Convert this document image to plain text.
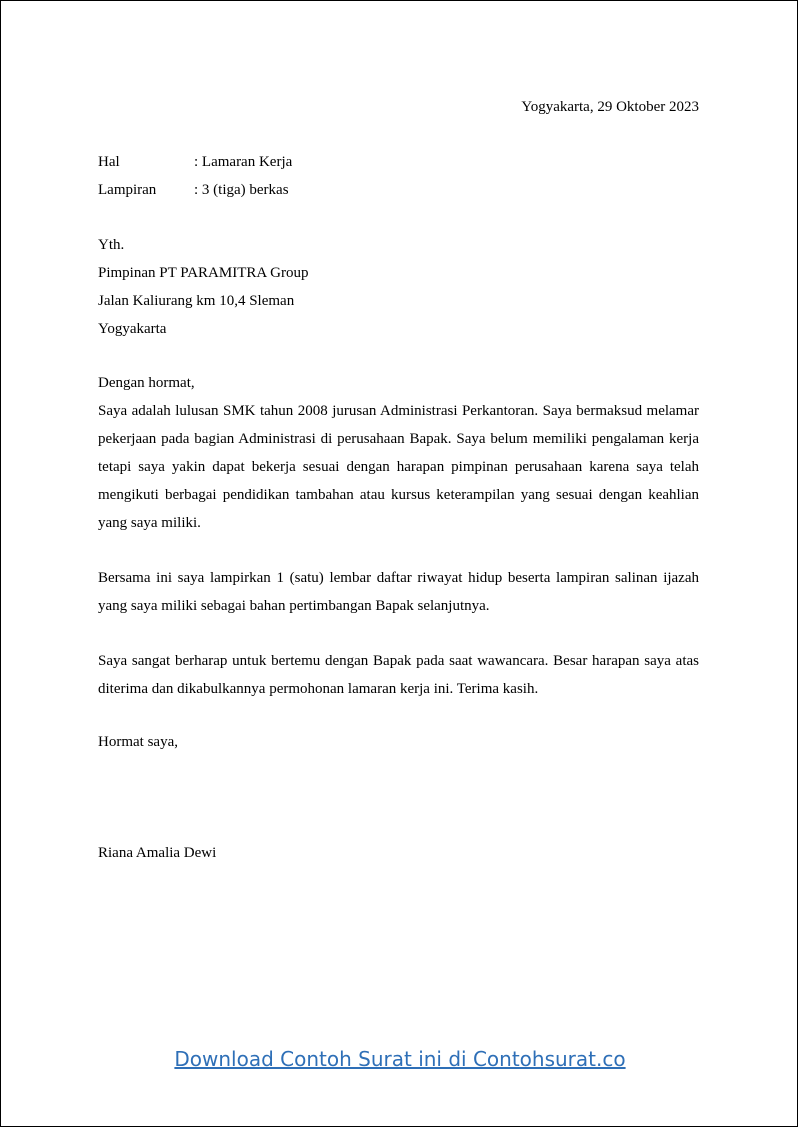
Yogyakarta, 29 Oktober 2023
Hal	: Lamaran Kerja
Lampiran	: 3 (tiga) berkas
Yth.
Pimpinan PT PARAMITRA Group
Jalan Kaliurang km 10,4 Sleman
Yogyakarta
Dengan hormat,

Saya adalah lulusan SMK tahun 2008 jurusan Administrasi Perkantoran. Saya bermaksud melamar pekerjaan pada bagian Administrasi di perusahaan Bapak. Saya belum memiliki pengalaman kerja tetapi saya yakin dapat bekerja sesuai dengan harapan pimpinan perusahaan karena saya telah mengikuti berbagai pendidikan tambahan atau kursus keterampilan yang sesuai dengan keahlian yang saya miliki.

Bersama ini saya lampirkan 1 (satu) lembar daftar riwayat hidup beserta lampiran salinan ijazah yang saya miliki sebagai bahan pertimbangan Bapak selanjutnya.

Saya sangat berharap untuk bertemu dengan Bapak pada saat wawancara. Besar harapan saya atas diterima dan dikabulkannya permohonan lamaran kerja ini. Terima kasih.

Hormat saya,
Riana Amalia Dewi
Download Contoh Surat ini di Contohsurat.co
